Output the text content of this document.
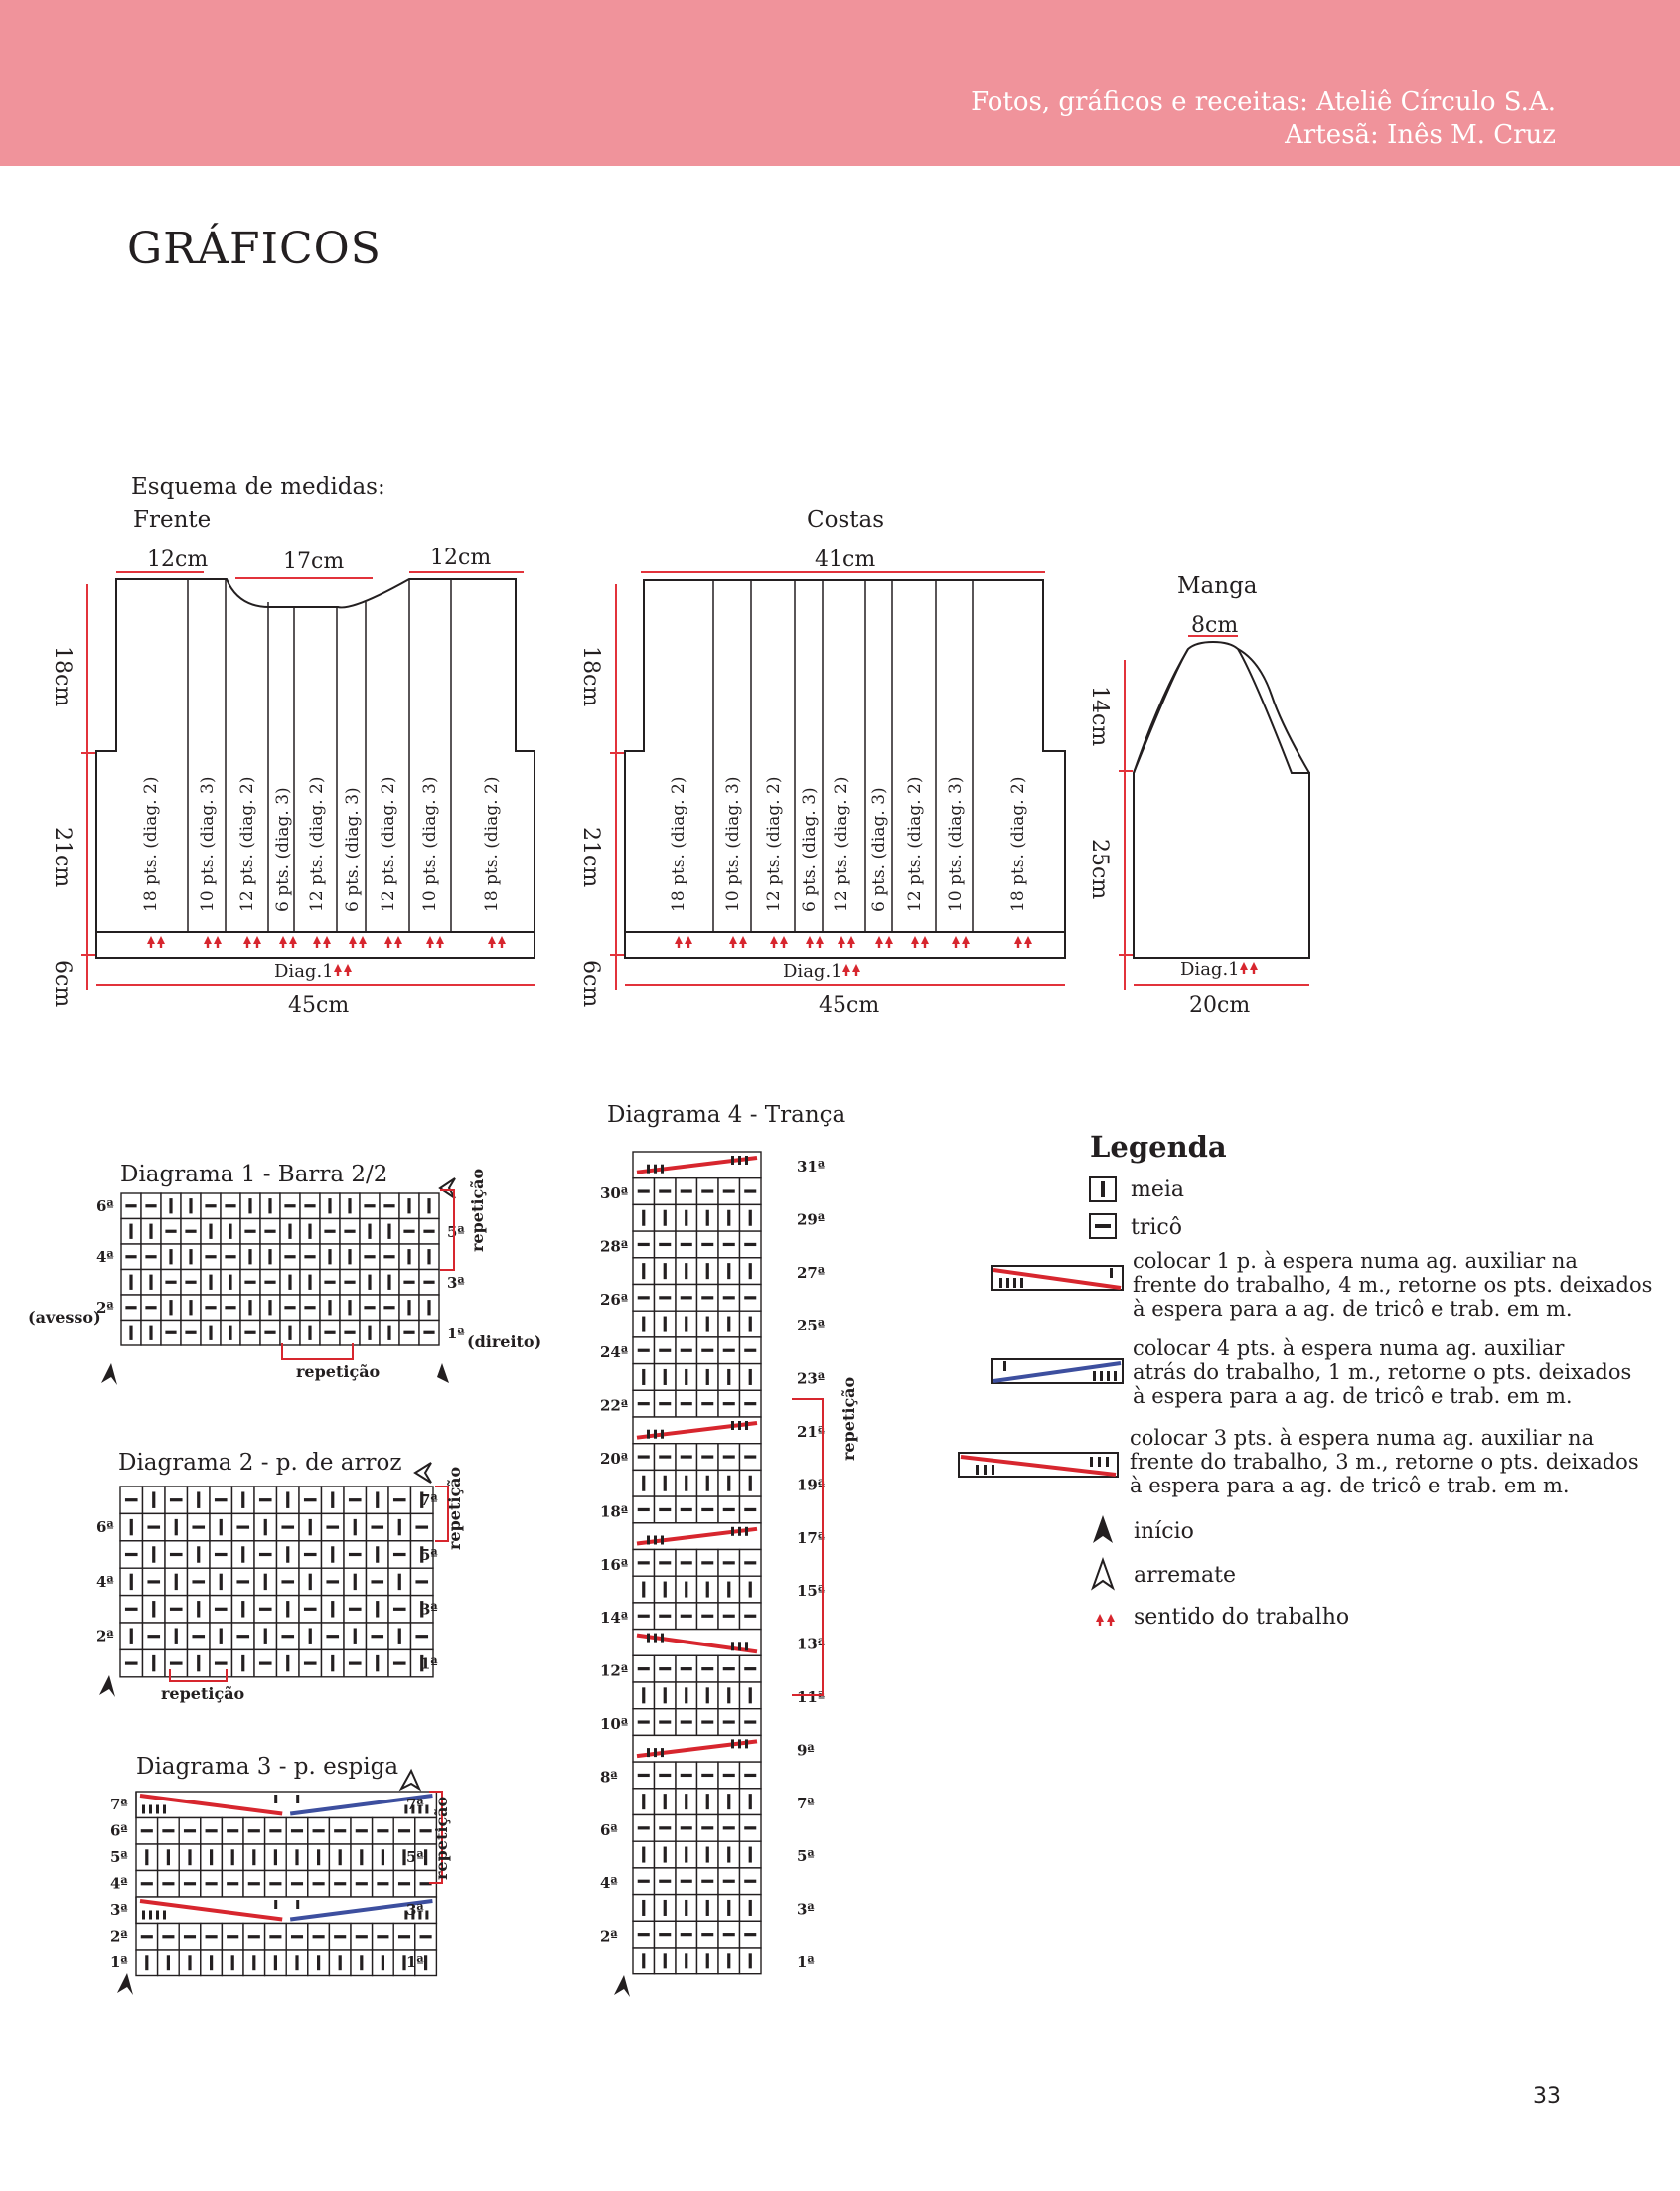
Fotos, gráficos e receitas: Ateliê Círculo S.A.
Artesã: Inês M. Cruz
GRÁFICOS
Esquema de medidas:
Frente
12cm	17cm	12cm
18cm
21cm
6cm	45cm
Diag.1
18 pts. (diag. 2) 10 pts. (diag. 3) 12 pts. (diag. 2) 6 pts. (diag. 3) 12 pts. (diag. 2) 6 pts. (diag. 3) 12 pts. (diag. 2) 10 pts. (diag. 3) 18 pts. (diag. 2)
Costas
41cm
18cm
21cm
6cm	45cm
Diag.1
18 pts. (diag. 2) 10 pts. (diag. 3) 12 pts. (diag. 2) 6 pts. (diag. 3) 12 pts. (diag. 2) 6 pts. (diag. 3) 12 pts. (diag. 2) 10 pts. (diag. 3)	18 pts. (diag. 2)
Manga
8cm
14cm
25cm
20cm
Diag.1
Diagrama 1 - Barra 2/2
6ª
4ª
2ª
5ª
3ª
1ª
(avesso)
(direito)
repetição
repetição
Diagrama 2 - p. de arroz
6ª
4ª
2ª
7ª
5ª
3ª
1ª
repetição
repetição
Diagrama 3 - p. espiga
7ª
6ª
5ª
4ª
3ª
2ª
1ª
7ª
5ª
3ª
1ª
repetição
Diagrama 4 - Trança
30ª
28ª
26ª
24ª
22ª
20ª
18ª
16ª
14ª
12ª
10ª
8ª
6ª
4ª
2ª
31ª
29ª
27ª
25ª
23ª
21ª
19ª
17ª
15ª
13ª
11ª
9ª
7ª
5ª
3ª
1ª
repetição
Legenda
meia
tricô
colocar 1 p. à espera numa ag. auxiliar na
frente do trabalho, 4 m., retorne os pts. deixados
à espera para a ag. de tricô e trab. em m.
colocar 4 pts. à espera numa ag. auxiliar
atrás do trabalho, 1 m., retorne o pts. deixados
à espera para a ag. de tricô e trab. em m.
colocar 3 pts. à espera numa ag. auxiliar na
frente do trabalho, 3 m., retorne o pts. deixados
à espera para a ag. de tricô e trab. em m.
início
arremate
sentido do trabalho
33
